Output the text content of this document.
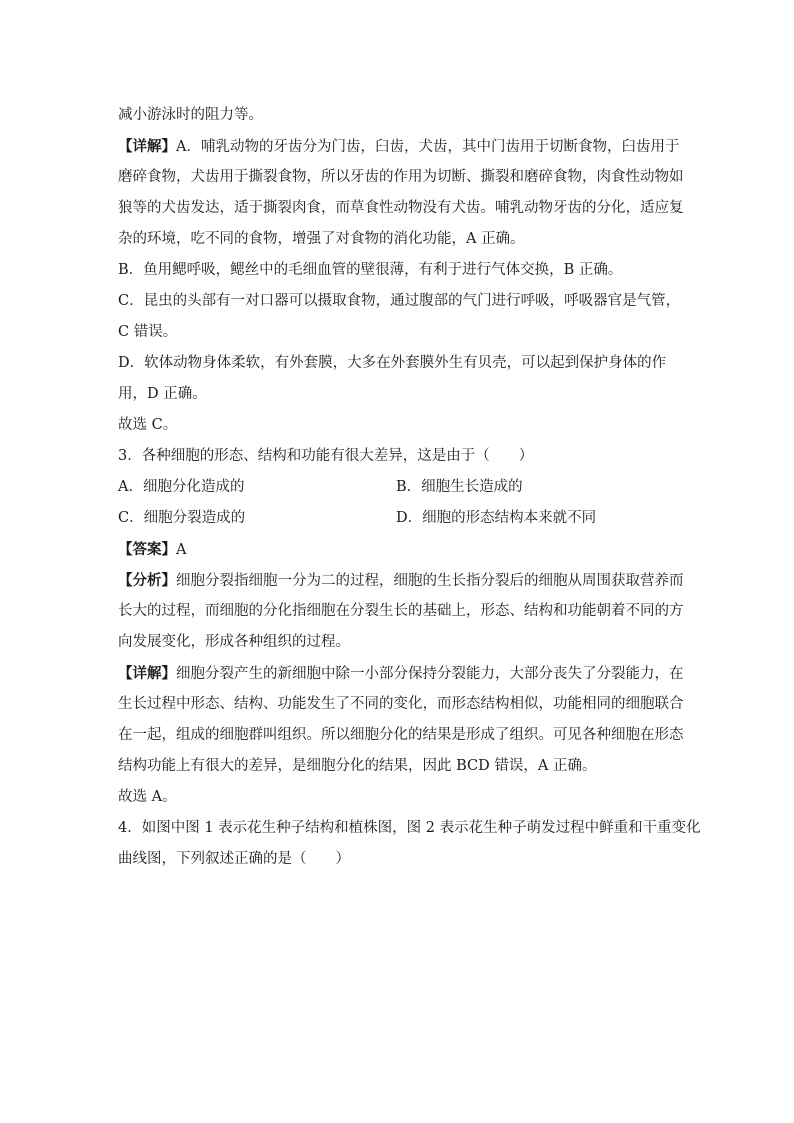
减小游泳时的阻力等。
【详解】A．哺乳动物的牙齿分为门齿，臼齿，犬齿，其中门齿用于切断食物，臼齿用于
磨碎食物，犬齿用于撕裂食物，所以牙齿的作用为切断、撕裂和磨碎食物，肉食性动物如
狼等的犬齿发达，适于撕裂肉食，而草食性动物没有犬齿。哺乳动物牙齿的分化，适应复
杂的环境，吃不同的食物，增强了对食物的消化功能，A 正确。
B．鱼用鳃呼吸，鳃丝中的毛细血管的壁很薄，有利于进行气体交换，B 正确。
C．昆虫的头部有一对口器可以摄取食物，通过腹部的气门进行呼吸，呼吸器官是气管，
C 错误。
D．软体动物身体柔软，有外套膜，大多在外套膜外生有贝壳，可以起到保护身体的作
用，D 正确。
故选 C。
3．各种细胞的形态、结构和功能有很大差异，这是由于（　　）
A．细胞分化造成的	B．细胞生长造成的
C．细胞分裂造成的	D．细胞的形态结构本来就不同
【答案】A
【分析】细胞分裂指细胞一分为二的过程，细胞的生长指分裂后的细胞从周围获取营养而
长大的过程，而细胞的分化指细胞在分裂生长的基础上，形态、结构和功能朝着不同的方
向发展变化，形成各种组织的过程。
【详解】细胞分裂产生的新细胞中除一小部分保持分裂能力，大部分丧失了分裂能力，在
生长过程中形态、结构、功能发生了不同的变化，而形态结构相似，功能相同的细胞联合
在一起，组成的细胞群叫组织。所以细胞分化的结果是形成了组织。可见各种细胞在形态
结构功能上有很大的差异，是细胞分化的结果，因此 BCD 错误，A 正确。
故选 A。
4．如图中图 1 表示花生种子结构和植株图，图 2 表示花生种子萌发过程中鲜重和干重变化
曲线图，下列叙述正确的是（　　）
